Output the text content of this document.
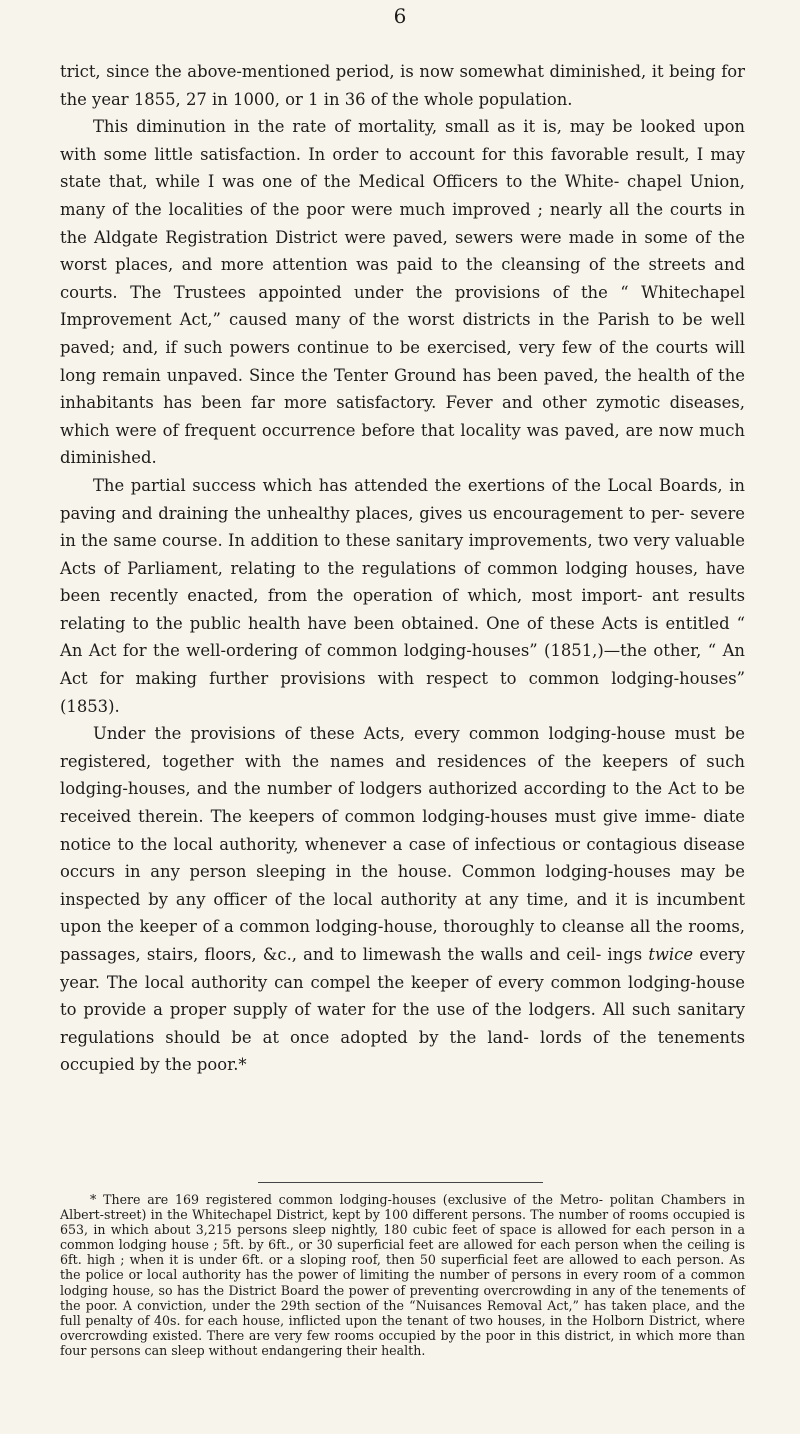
6

trict, since the above-mentioned period, is now somewhat diminished, it being for the year 1855, 27 in 1000, or 1 in 36 of the whole population.

This diminution in the rate of mortality, small as it is, may be looked upon with some little satisfaction. In order to account for this favorable result, I may state that, while I was one of the Medical Officers to the White- chapel Union, many of the localities of the poor were much improved ; nearly all the courts in the Aldgate Registration District were paved, sewers were made in some of the worst places, and more attention was paid to the cleansing of the streets and courts. The Trustees appointed under the provisions of the “ Whitechapel Improvement Act,” caused many of the worst districts in the Parish to be well paved; and, if such powers continue to be exercised, very few of the courts will long remain unpaved. Since the Tenter Ground has been paved, the health of the inhabitants has been far more satisfactory. Fever and other zymotic diseases, which were of frequent occurrence before that locality was paved, are now much diminished.

The partial success which has attended the exertions of the Local Boards, in paving and draining the unhealthy places, gives us encouragement to per- severe in the same course. In addition to these sanitary improvements, two very valuable Acts of Parliament, relating to the regulations of common lodging houses, have been recently enacted, from the operation of which, most import- ant results relating to the public health have been obtained. One of these Acts is entitled “ An Act for the well-ordering of common lodging-houses” (1851,)—the other, “ An Act for making further provisions with respect to common lodging-houses” (1853).

Under the provisions of these Acts, every common lodging-house must be registered, together with the names and residences of the keepers of such lodging-houses, and the number of lodgers authorized according to the Act to be received therein. The keepers of common lodging-houses must give imme- diate notice to the local authority, whenever a case of infectious or contagious disease occurs in any person sleeping in the house. Common lodging-houses may be inspected by any officer of the local authority at any time, and it is incumbent upon the keeper of a common lodging-house, thoroughly to cleanse all the rooms, passages, stairs, floors, &c., and to limewash the walls and ceil- ings twice every year. The local authority can compel the keeper of every common lodging-house to provide a proper supply of water for the use of the lodgers. All such sanitary regulations should be at once adopted by the land- lords of the tenements occupied by the poor.*

* There are 169 registered common lodging-houses (exclusive of the Metro- politan Chambers in Albert-street) in the Whitechapel District, kept by 100 different persons. The number of rooms occupied is 653, in which about 3,215 persons sleep nightly, 180 cubic feet of space is allowed for each person in a common lodging house ; 5ft. by 6ft., or 30 superficial feet are allowed for each person when the ceiling is 6ft. high ; when it is under 6ft. or a sloping roof, then 50 superficial feet are allowed to each person. As the police or local authority has the power of limiting the number of persons in every room of a common lodging house, so has the District Board the power of preventing overcrowding in any of the tenements of the poor. A conviction, under the 29th section of the “Nuisances Removal Act,” has taken place, and the full penalty of 40s. for each house, inflicted upon the tenant of two houses, in the Holborn District, where overcrowding existed. There are very few rooms occupied by the poor in this district, in which more than four persons can sleep without endangering their health.
